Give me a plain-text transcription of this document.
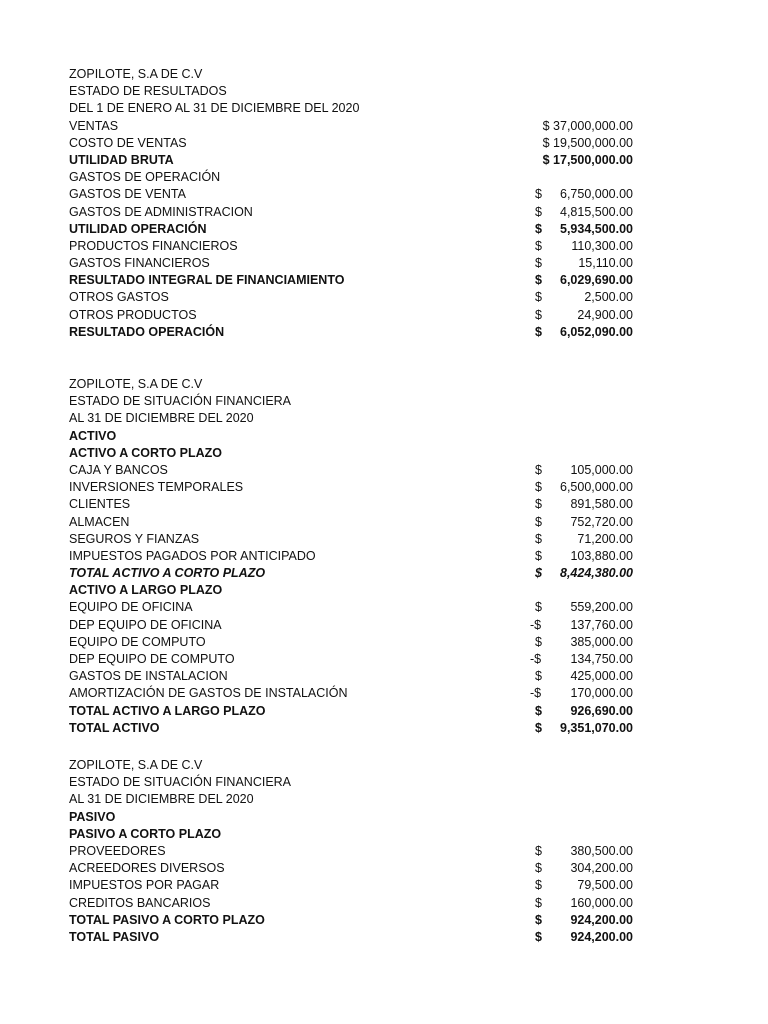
ZOPILOTE, S.A DE C.V
ESTADO DE RESULTADOS
DEL 1 DE ENERO AL 31 DE DICIEMBRE DEL 2020
VENTAS	$ 37,000,000.00
COSTO DE VENTAS	$ 19,500,000.00
UTILIDAD BRUTA	$ 17,500,000.00
GASTOS DE OPERACIÓN
GASTOS DE VENTA	$ 6,750,000.00
GASTOS DE ADMINISTRACION	$ 4,815,500.00
UTILIDAD OPERACIÓN	$ 5,934,500.00
PRODUCTOS FINANCIEROS	$ 110,300.00
GASTOS FINANCIEROS	$	15,110.00
RESULTADO INTEGRAL DE FINANCIAMIENTO	$ 6,029,690.00
OTROS GASTOS	$	2,500.00
OTROS PRODUCTOS	$	24,900.00
RESULTADO OPERACIÓN	$ 6,052,090.00
ZOPILOTE, S.A DE C.V
ESTADO DE SITUACIÓN FINANCIERA
AL 31 DE DICIEMBRE DEL 2020
ACTIVO
ACTIVO A CORTO PLAZO
CAJA Y BANCOS	$ 105,000.00
INVERSIONES TEMPORALES	$ 6,500,000.00
CLIENTES	$ 891,580.00
ALMACEN	$ 752,720.00
SEGUROS Y FIANZAS	$	71,200.00
IMPUESTOS PAGADOS POR ANTICIPADO	$ 103,880.00
TOTAL ACTIVO A CORTO PLAZO	$ 8,424,380.00
ACTIVO A LARGO PLAZO
EQUIPO DE OFICINA	$ 559,200.00
DEP EQUIPO DE OFICINA	-$ 137,760.00
EQUIPO DE COMPUTO	$ 385,000.00
DEP EQUIPO DE COMPUTO	-$ 134,750.00
GASTOS DE INSTALACION	$ 425,000.00
AMORTIZACIÓN DE GASTOS DE INSTALACIÓN	-$ 170,000.00
TOTAL ACTIVO A LARGO PLAZO	$ 926,690.00
TOTAL ACTIVO	$ 9,351,070.00
ZOPILOTE, S.A DE C.V
ESTADO DE SITUACIÓN FINANCIERA
AL 31 DE DICIEMBRE DEL 2020
PASIVO
PASIVO A CORTO PLAZO
PROVEEDORES	$ 380,500.00
ACREEDORES DIVERSOS	$ 304,200.00
IMPUESTOS POR PAGAR	$	79,500.00
CREDITOS BANCARIOS	$ 160,000.00
TOTAL PASIVO A CORTO PLAZO	$ 924,200.00
TOTAL PASIVO	$ 924,200.00
